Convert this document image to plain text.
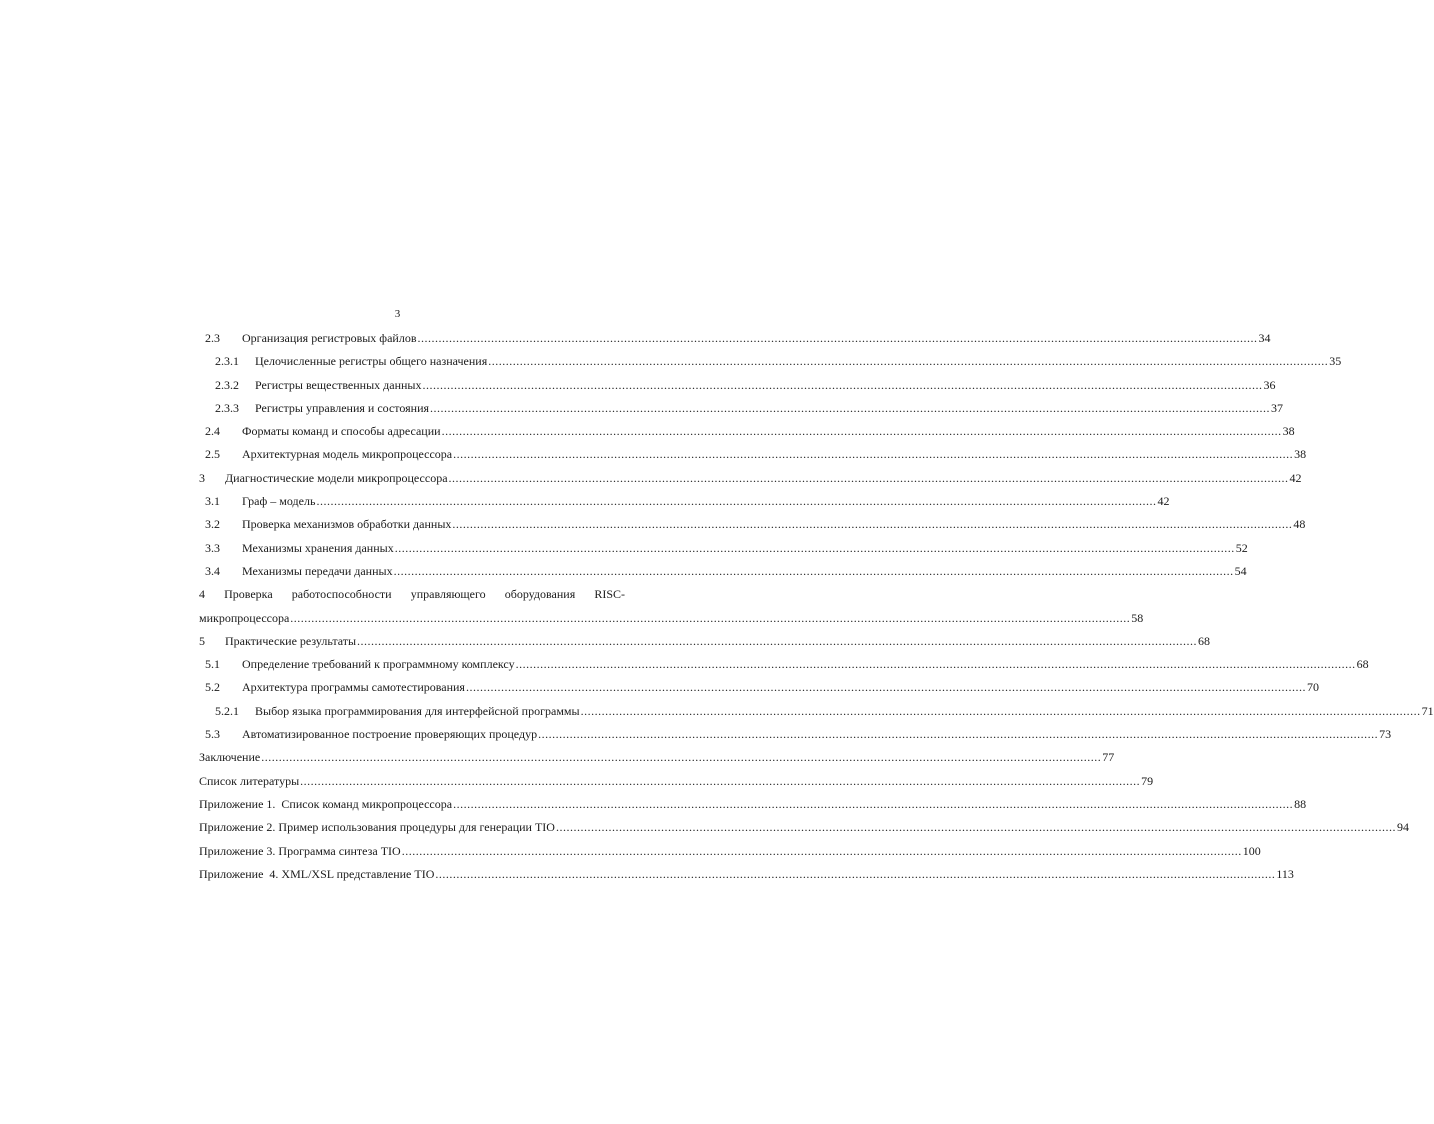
3
2.3	Организация регистровых файлов .....	34
2.3.1	Целочисленные регистры общего назначения .....	35
2.3.2	Регистры вещественных данных .....	36
2.3.3	Регистры управления и состояния .....	37
2.4	Форматы команд и способы адресации .....	38
2.5	Архитектурная модель микропроцессора .....	38
3	Диагностические модели микропроцессора .....	42
3.1	Граф – модель .....	42
3.2	Проверка механизмов обработки данных .....	48
3.3	Механизмы хранения данных .....	52
3.4	Механизмы передачи данных .....	54
4 Проверка работоспособности управляющего оборудования RISC-
микропроцессора .....	58
5	Практические результаты .....	68
5.1	Определение требований к программному комплексу .....	68
5.2	Архитектура программы самотестирования .....	70
5.2.1	Выбор языка программирования для интерфейсной программы .....	71
5.3	Автоматизированное построение проверяющих процедур .....	73
Заключение .....	77
Список литературы .....	79
Приложение 1.  Список команд микропроцессора .....	88
Приложение 2. Пример использования процедуры для генерации ТІО .....	94
Приложение 3. Программа синтеза ТІО .....	100
Приложение  4. XML/XSL представление ТІО .....	113
